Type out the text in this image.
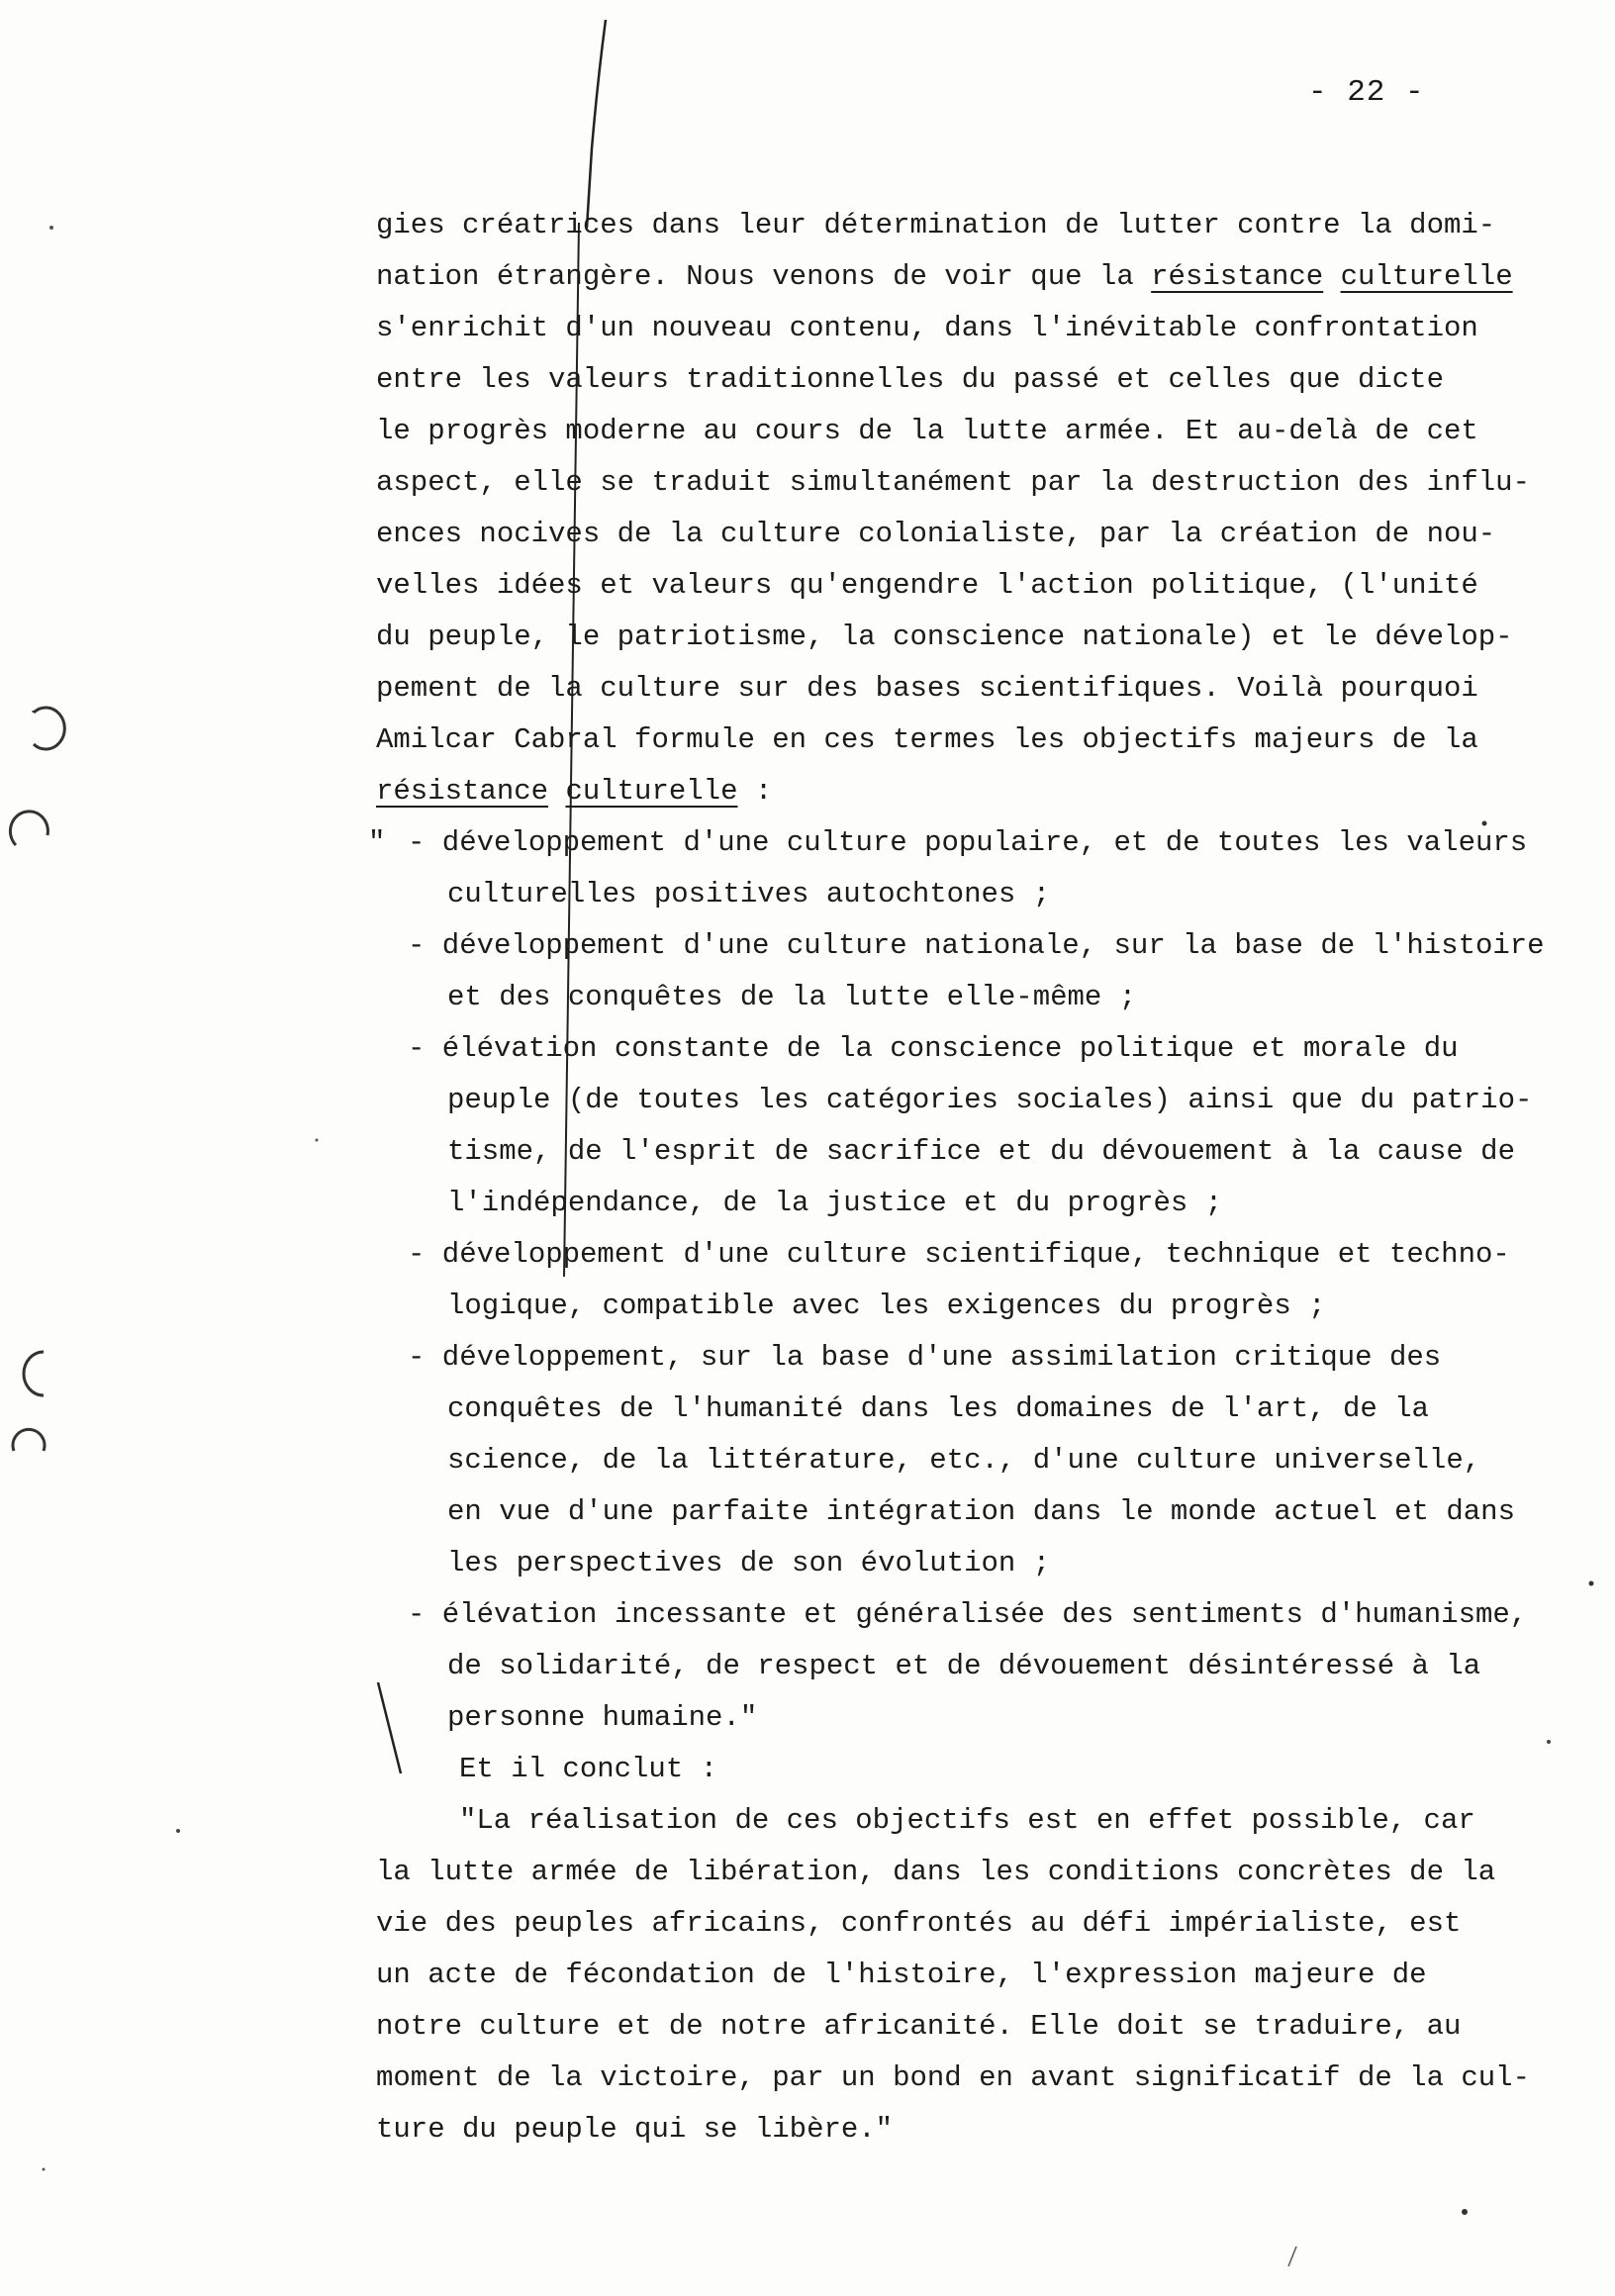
- 22 -
gies créatrices dans leur détermination de lutter contre la domi-
nation étrangère. Nous venons de voir que la résistance culturelle
s'enrichit d'un nouveau contenu, dans l'inévitable confrontation
entre les valeurs traditionnelles du passé et celles que dicte
le progrès moderne au cours de la lutte armée. Et au-delà de cet
aspect, elle se traduit simultanément par la destruction des influ-
ences nocives de la culture colonialiste, par la création de nou-
velles idées et valeurs qu'engendre l'action politique, (l'unité
du peuple, le patriotisme, la conscience nationale) et le dévelop-
pement de la culture sur des bases scientifiques. Voilà pourquoi
Amilcar Cabral formule en ces termes les objectifs majeurs de la
résistance culturelle :
" - développement d'une culture populaire, et de toutes les valeurs
culturelles positives autochtones ;
- développement d'une culture nationale, sur la base de l'histoire
et des conquêtes de la lutte elle-même ;
- élévation constante de la conscience politique et morale du
peuple (de toutes les catégories sociales) ainsi que du patrio-
tisme, de l'esprit de sacrifice et du dévouement à la cause de
l'indépendance, de la justice et du progrès ;
- développement d'une culture scientifique, technique et techno-
logique, compatible avec les exigences du progrès ;
- développement, sur la base d'une assimilation critique des
conquêtes de l'humanité dans les domaines de l'art, de la
science, de la littérature, etc., d'une culture universelle,
en vue d'une parfaite intégration dans le monde actuel et dans
les perspectives de son évolution ;
- élévation incessante et généralisée des sentiments d'humanisme,
de solidarité, de respect et de dévouement désintéressé à la
personne humaine."
Et il conclut :
"La réalisation de ces objectifs est en effet possible, car
la lutte armée de libération, dans les conditions concrètes de la
vie des peuples africains, confrontés au défi impérialiste, est
un acte de fécondation de l'histoire, l'expression majeure de
notre culture et de notre africanité. Elle doit se traduire, au
moment de la victoire, par un bond en avant significatif de la cul-
ture du peuple qui se libère."
